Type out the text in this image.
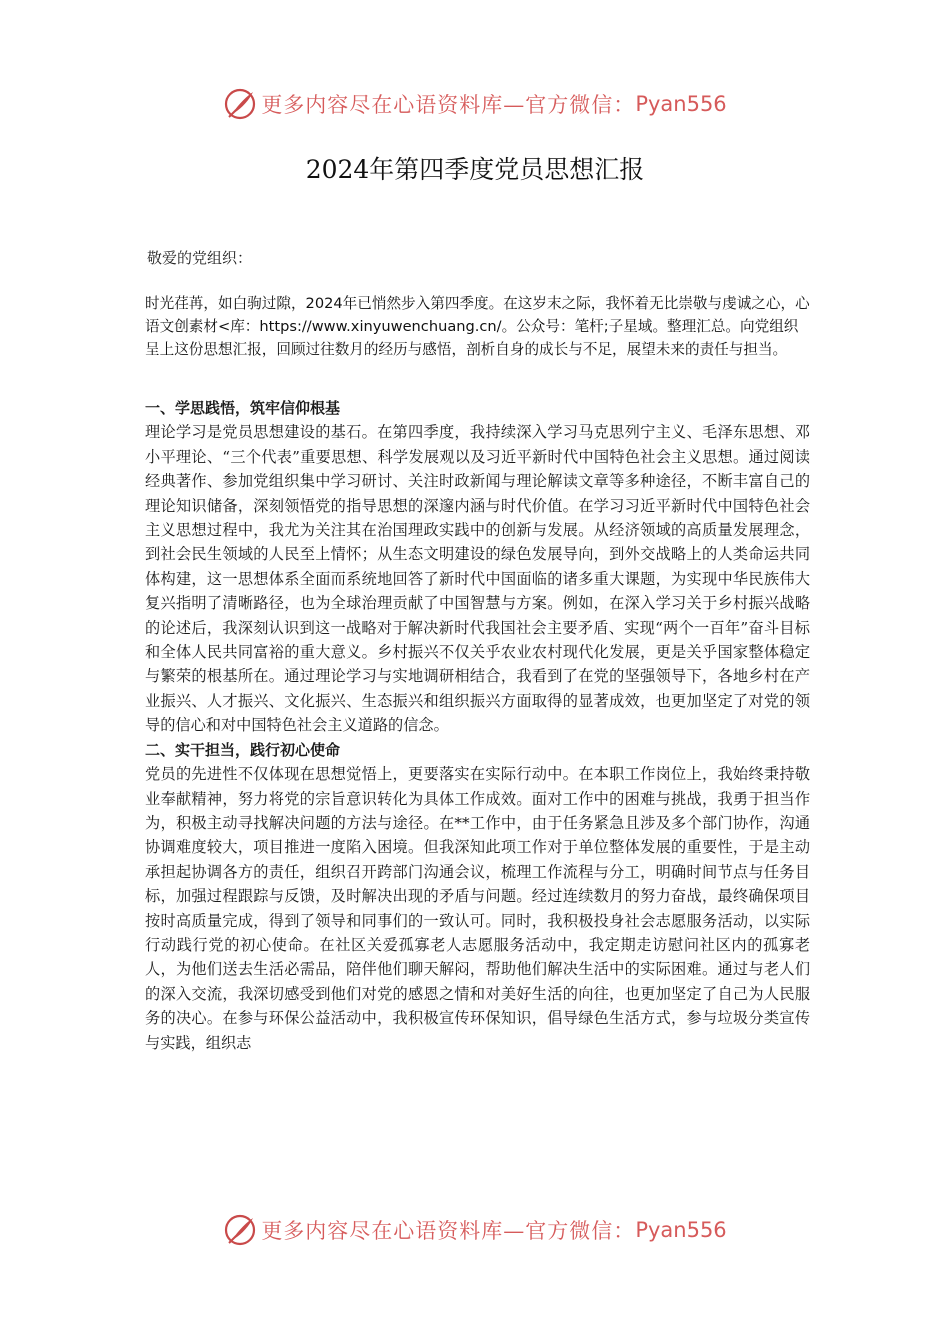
更多内容尽在心语资料库—官方微信： Pyan556
2024年第四季度党员思想汇报
敬爱的党组织：

时光荏苒，如白驹过隙，2024年已悄然步入第四季度。在这岁末之际，我怀着无比崇敬与虔诚之心，心语文创素材<库：https://www.xinyuwenchuang.cn/。公众号：笔杆;子星域。整理汇总。向党组织呈上这份思想汇报，回顾过往数月的经历与感悟，剖析自身的成长与不足，展望未来的责任与担当。

一、学思践悟，筑牢信仰根基

理论学习是党员思想建设的基石。在第四季度，我持续深入学习马克思列宁主义、毛泽东思想、邓小平理论、“三个代表”重要思想、科学发展观以及习近平新时代中国特色社会主义思想。通过阅读经典著作、参加党组织集中学习研讨、关注时政新闻与理论解读文章等多种途径，不断丰富自己的理论知识储备，深刻领悟党的指导思想的深邃内涵与时代价值。在学习习近平新时代中国特色社会主义思想过程中，我尤为关注其在治国理政实践中的创新与发展。从经济领域的高质量发展理念，到社会民生领域的人民至上情怀；从生态文明建设的绿色发展导向，到外交战略上的人类命运共同体构建，这一思想体系全面而系统地回答了新时代中国面临的诸多重大课题，为实现中华民族伟大复兴指明了清晰路径，也为全球治理贡献了中国智慧与方案。例如，在深入学习关于乡村振兴战略的论述后，我深刻认识到这一战略对于解决新时代我国社会主要矛盾、实现“两个一百年”奋斗目标和全体人民共同富裕的重大意义。乡村振兴不仅关乎农业农村现代化发展，更是关乎国家整体稳定与繁荣的根基所在。通过理论学习与实地调研相结合，我看到了在党的坚强领导下，各地乡村在产业振兴、人才振兴、文化振兴、生态振兴和组织振兴方面取得的显著成效，也更加坚定了对党的领导的信心和对中国特色社会主义道路的信念。

二、实干担当，践行初心使命

党员的先进性不仅体现在思想觉悟上，更要落实在实际行动中。在本职工作岗位上，我始终秉持敬业奉献精神，努力将党的宗旨意识转化为具体工作成效。面对工作中的困难与挑战，我勇于担当作为，积极主动寻找解决问题的方法与途径。在**工作中，由于任务紧急且涉及多个部门协作，沟通协调难度较大，项目推进一度陷入困境。但我深知此项工作对于单位整体发展的重要性，于是主动承担起协调各方的责任，组织召开跨部门沟通会议，梳理工作流程与分工，明确时间节点与任务目标，加强过程跟踪与反馈，及时解决出现的矛盾与问题。经过连续数月的努力奋战，最终确保项目按时高质量完成，得到了领导和同事们的一致认可。同时，我积极投身社会志愿服务活动，以实际行动践行党的初心使命。在社区关爱孤寡老人志愿服务活动中，我定期走访慰问社区内的孤寡老人，为他们送去生活必需品，陪伴他们聊天解闷，帮助他们解决生活中的实际困难。通过与老人们的深入交流，我深切感受到他们对党的感恩之情和对美好生活的向往，也更加坚定了自己为人民服务的决心。在参与环保公益活动中，我积极宣传环保知识，倡导绿色生活方式，参与垃圾分类宣传与实践，组织志

更多内容尽在心语资料库—官方微信： Pyan556
